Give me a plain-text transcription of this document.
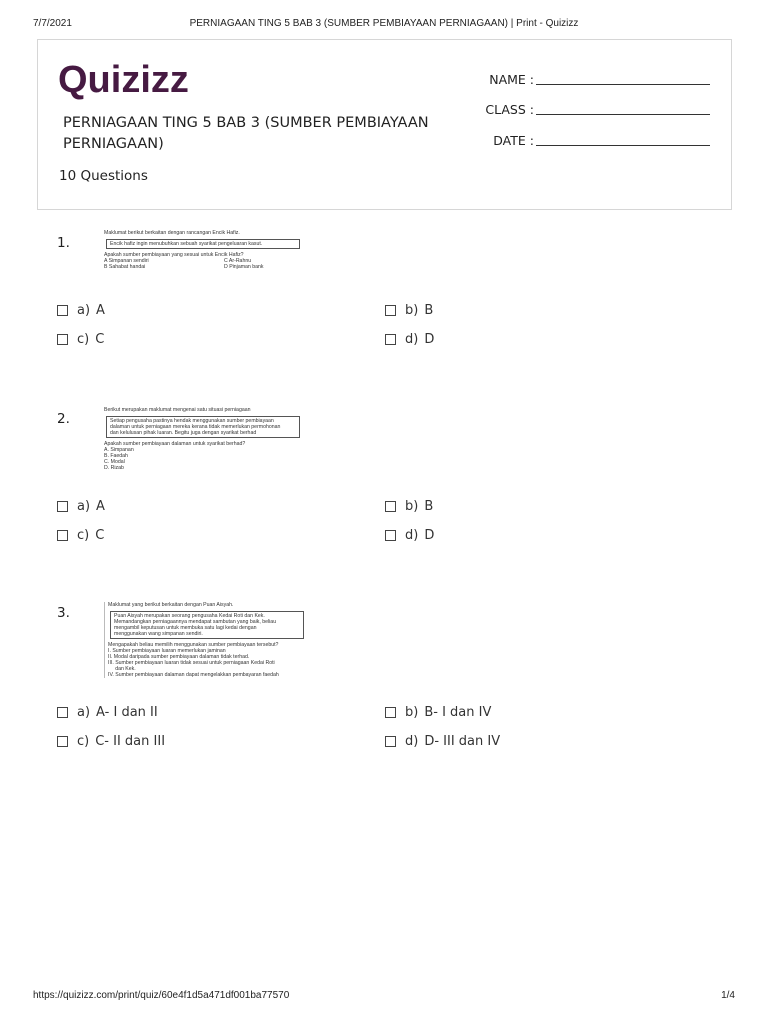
7/7/2021	PERNIAGAAN TING 5 BAB 3 (SUMBER PEMBIAYAAN PERNIAGAAN) | Print - Quizizz
Quizizz
PERNIAGAAN TING 5 BAB 3 (SUMBER PEMBIAYAAN PERNIAGAAN)
10 Questions
NAME :
CLASS :
DATE :
1.
Maklumat berikut berkaitan dengan rancangan Encik Hafiz.
Encik hafiz ingin menubuhkan sebuah syarikat pengeluaran kasut.
Apakah sumber pembiayaan yang sesuai untuk Encik Hafiz?
A Simpanan sendiri	C Ar-Rahnu
B Sahabat handai	D Pinjaman bank
a) A	b) B
c) C	d) D
2.
Berikut merupakan maklumat mengenai satu situasi perniagaan
Setiap pengusaha pastinya hendak menggunakan sumber pembiayaan
dalaman untuk perniagaan mereka kerana tidak memerlukan permohonan
dan kelulusan pihak luaran. Begitu juga dengan syarikat berhad
Apakah sumber pembiayaan dalaman untuk syarikat berhad?
A. Simpanan
B. Faedah
C. Modal
D. Rizab
a) A	b) B
c) C	d) D
3.	Maklumat yang berikut berkaitan dengan Puan Aisyah.
Puan Aisyah merupakan seorang pengusaha Kedai Roti dan Kek.
Memandangkan perniagaannya mendapat sambutan yang baik, beliau
mengambil keputusan untuk membuka satu lagi kedai dengan
menggunakan wang simpanan sendiri.
Mengapakah beliau memilih menggunakan sumber pembiayaan tersebut?
I. Sumber pembiayaan luaran memerlukan jaminan
II. Modal daripada sumber pembiayaan dalaman tidak terhad.
III. Sumber pembiayaan luaran tidak sesuai untuk perniagaan Kedai Roti
dan Kek.
IV. Sumber pembiayaan dalaman dapat mengelakkan pembayaran faedah
a) A- I dan II	b) B- I dan IV
c) C- II dan III	d) D- III dan IV
https://quizizz.com/print/quiz/60e4f1d5a471df001ba77570	1/4
